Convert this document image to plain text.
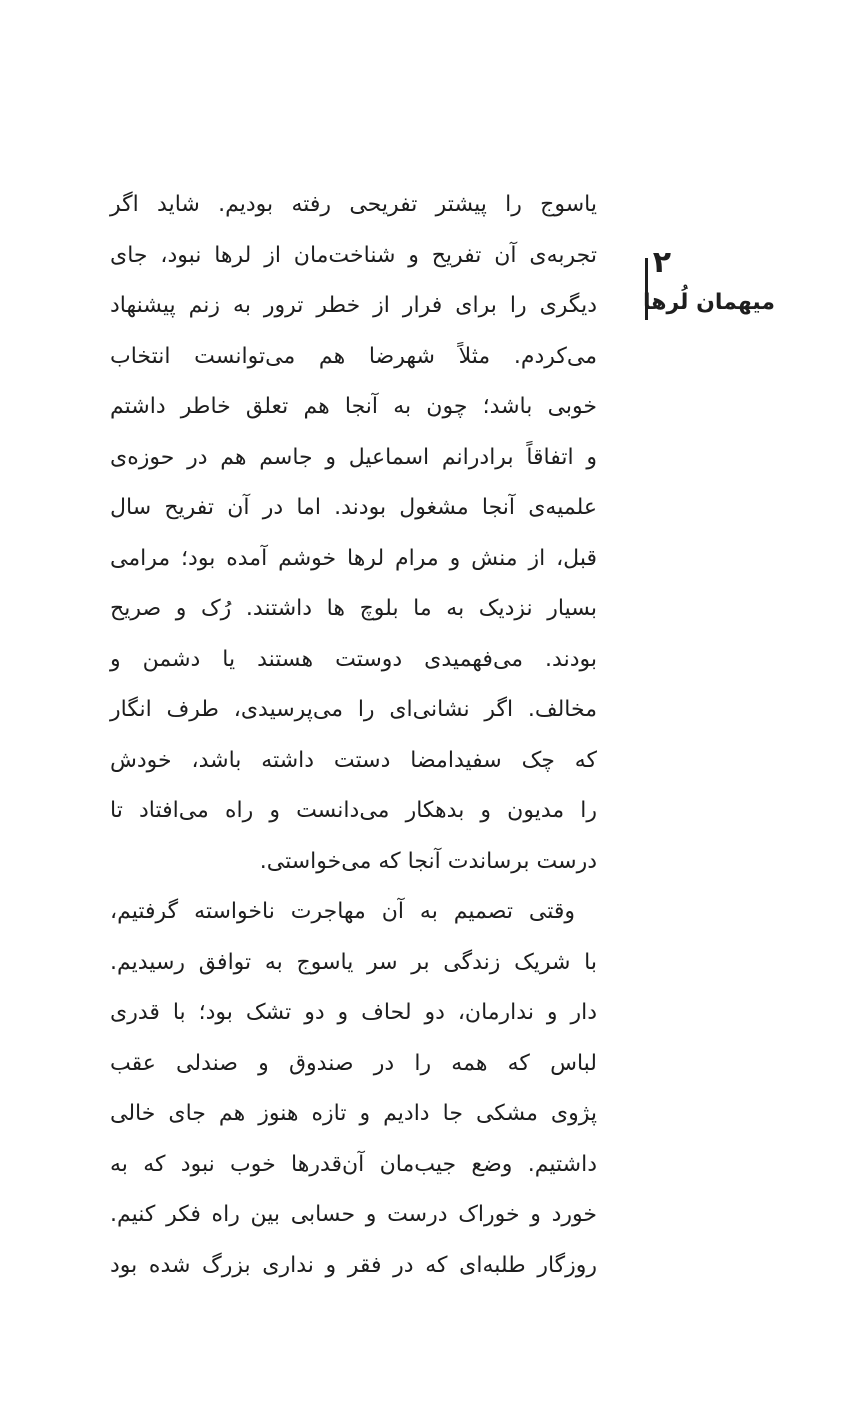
۲
میهمان لُرها
یاسوج را پیشتر تفریحی رفته بودیم. شاید اگر
تجربه‌ی آن تفریح و شناخت‌مان از لرها نبود، جای
دیگری را برای فرار از خطر ترور به زنم پیشنهاد
می‌کردم. مثلاً شهرضا هم می‌توانست انتخاب
خوبی باشد؛ چون به آنجا هم تعلق خاطر داشتم
و اتفاقاً برادرانم اسماعیل و جاسم هم در حوزه‌ی
علمیه‌ی آنجا مشغول بودند. اما در آن تفریح سال
قبل، از منش و مرام لرها خوشم آمده بود؛ مرامی
بسیار نزدیک به ما بلوچ ها داشتند. رُک و صریح
بودند. می‌فهمیدی دوستت هستند یا دشمن و
مخالف. اگر نشانی‌ای را می‌پرسیدی، طرف انگار
که چک سفیدامضا دستت داشته باشد، خودش
را مدیون و بدهکار می‌دانست و راه می‌افتاد تا
درست برساندت آنجا که می‌خواستی.
وقتی تصمیم به آن مهاجرت ناخواسته گرفتیم،
با شریک زندگی بر سر یاسوج به توافق رسیدیم.
دار و ندارمان، دو لحاف و دو تشک بود؛ با قدری
لباس که همه را در صندوق و صندلی عقب
پژوی مشکی جا دادیم و تازه هنوز هم جای خالی
داشتیم. وضع جیب‌مان آن‌قدرها خوب نبود که به
خورد و خوراک درست و حسابی بین راه فکر کنیم.
روزگار طلبه‌ای که در فقر و نداری بزرگ شده بود
